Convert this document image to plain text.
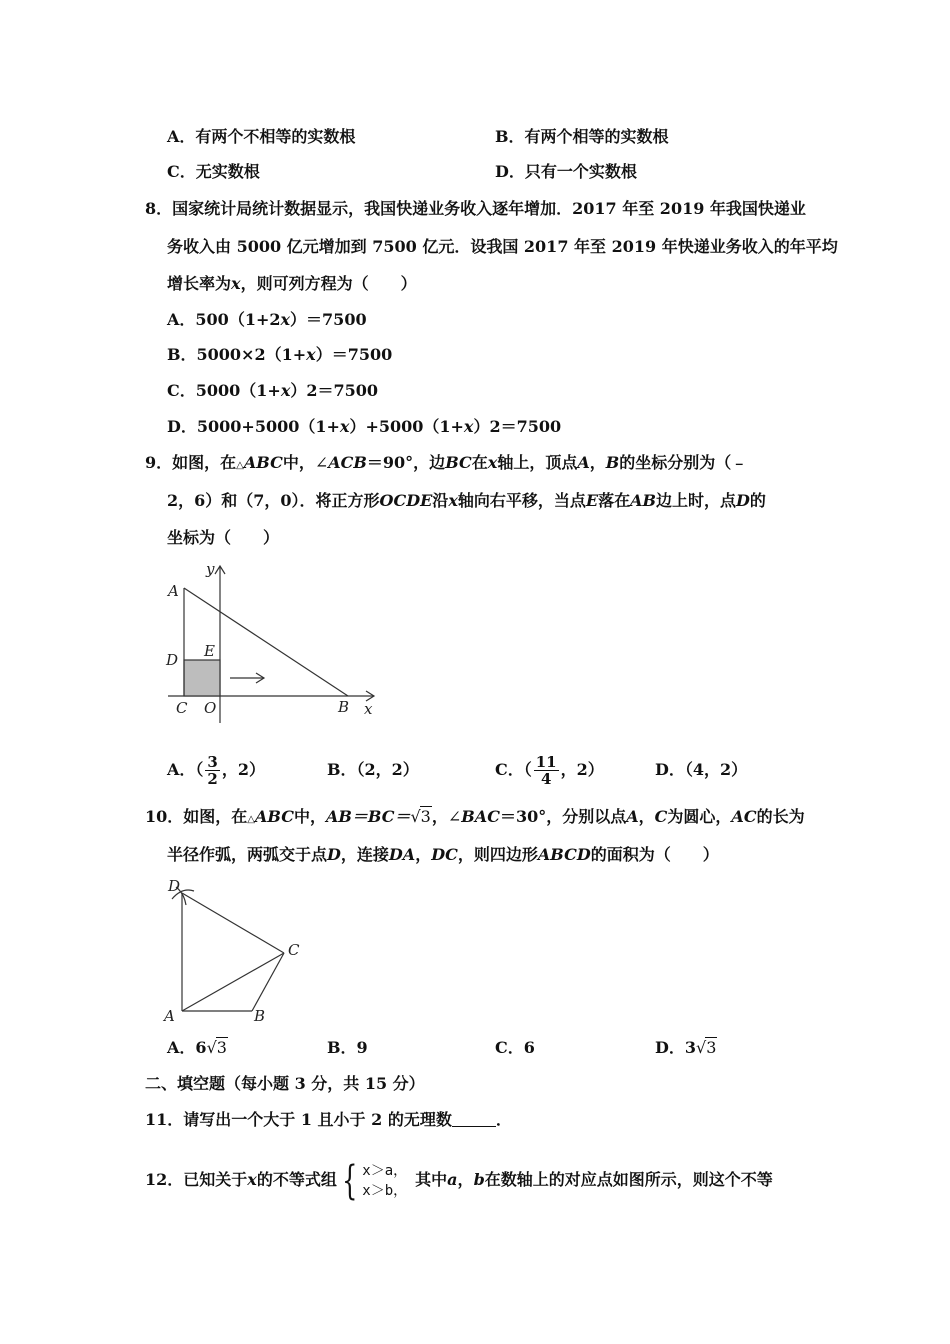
A．有两个不相等的实数根	B．有两个相等的实数根
C．无实数根	D．只有一个实数根
8．国家统计局统计数据显示，我国快递业务收入逐年增加．2017 年至 2019 年我国快递业
务收入由 5000 亿元增加到 7500 亿元．设我国 2017 年至 2019 年快递业务收入的年平均
增长率为x，则可列方程为（　　）
A．500（1+2x）＝7500
B．5000×2（1+x）＝7500
C．5000（1+x）2＝7500
D．5000+5000（1+x）+5000（1+x）2＝7500
9．如图，在△ABC中，∠ACB＝90°，边BC在x轴上，顶点A，B的坐标分别为（﹣
2，6）和（7，0）．将正方形OCDE沿x轴向右平移，当点E落在AB边上时，点D的
坐标为（　　）
y
A
E
D
C O	B x
A．（ $\frac{3}{2}$ ，2）	B．（2，2）	C．（ $\frac{11}{4}$ ，2）	D．（4，2）
10．如图，在△ABC中，AB＝BC＝√3，∠BAC＝30°，分别以点A，C为圆心，AC的长为
半径作弧，两弧交于点D，连接DA，DC，则四边形ABCD的面积为（　　）
D
C
A	B
A．6√3	B．9	C．6	D．3√3
二、填空题（每小题 3 分，共 15 分）
11．请写出一个大于 1 且小于 2 的无理数	．
12．已知关于x的不等式组 { x＞a，
x＞b，
其中a，b在数轴上的对应点如图所示，则这个不等
